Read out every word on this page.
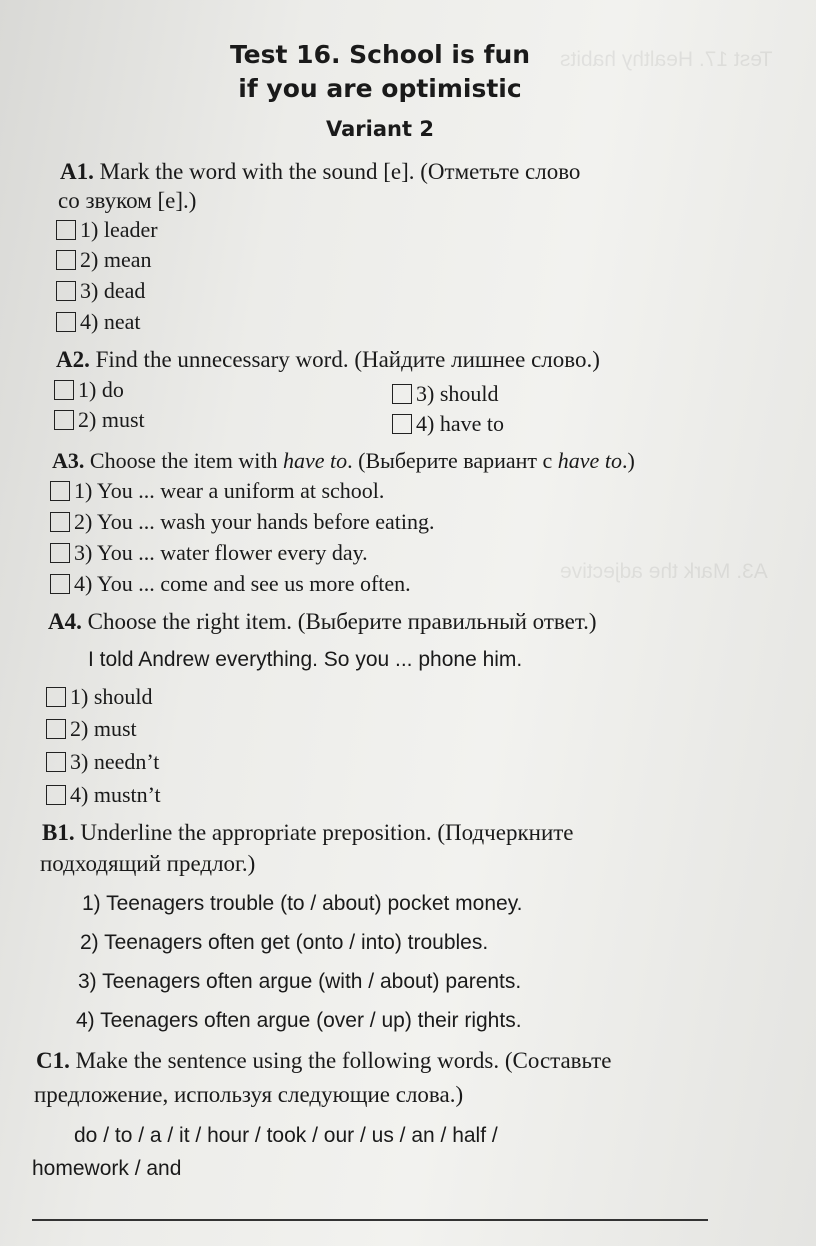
Test 17. Healthy habits
A3. Mark the adjective
Test 16. School is fun
if you are optimistic
Variant 2
A1. Mark the word with the sound [e]. (Отметьте слово
со звуком [e].)
1) leader
2) mean
3) dead
4) neat
A2. Find the unnecessary word. (Найдите лишнее слово.)
1) do
2) must
3) should
4) have to
A3. Choose the item with have to. (Выберите вариант с have to.)
1) You ... wear a uniform at school.
2) You ... wash your hands before eating.
3) You ... water flower every day.
4) You ... come and see us more often.
A4. Choose the right item. (Выберите правильный ответ.)
I told Andrew everything. So you ... phone him.
1) should
2) must
3) needn’t
4) mustn’t
B1. Underline the appropriate preposition. (Подчеркните
подходящий предлог.)
1) Teenagers trouble (to / about) pocket money.
2) Teenagers often get (onto / into) troubles.
3) Teenagers often argue (with / about) parents.
4) Teenagers often argue (over / up) their rights.
C1. Make the sentence using the following words. (Составьте
предложение, используя следующие слова.)
do / to / a / it / hour / took / our / us / an / half /
homework / and
